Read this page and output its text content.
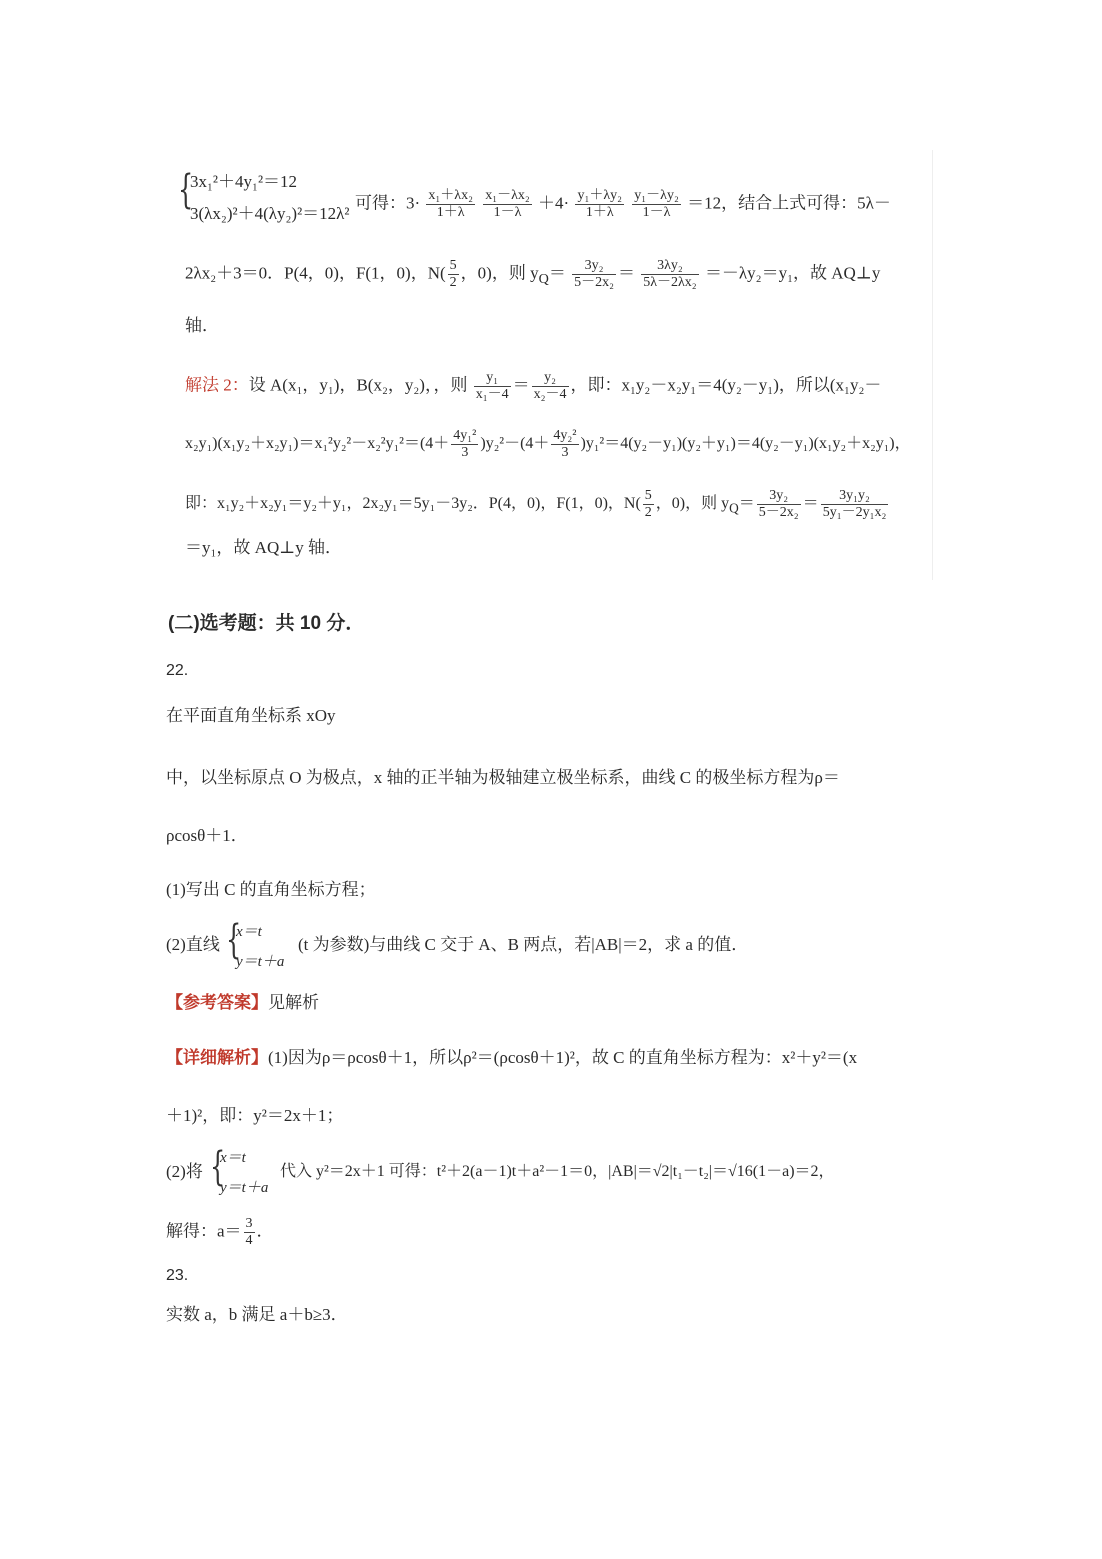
{
3x₁²＋4y₁²＝12
3(λx₂)²＋4(λy₂)²＝12λ²
可得：$3\cdot \frac{\text{x₁＋λx₂}}{1+\lambda}$
$\frac{\text{x₁－λx₂}}{1-\lambda} +4\cdot \frac{\text{y₁＋λy₂}}{1+\lambda}$
$\frac{\text{y₁－λy₂}}{1-\lambda} =12$，结合上式可得：5λ－
2λx₂＋3＝0．P(4，0)，F(1，0)，$N( \frac{5}{2}$ ，0)，则 $y_Q= \frac{\text{3y₂}}{\text{5－2x₂}} = \frac{\text{3λy₂}}{\text{5λ－2λx₂}} =-\lambda y_2=y_1$，故 AQ⊥y
轴．
解法 2：设 A(x₁，y₁)，B(x₂，y₂)，，则 $\frac{\text{y₁}}{\text{x₁－4}} = \frac{\text{y₂}}{\text{x₂－4}}$ ，即：x₁y₂－x₂y₁＝4(y₂－y₁)，所以(x₁y₂－
$x_2y_1)(x_1y_2+x_2y_1)=x_1^2y_2^2-x_2^2y_1^2=(4+ \frac{\text{4y₁²}}{3} )y_2^2-(4+ \frac{\text{4y₂²}}{3} )y_1^2=4(y_2-y_1)(y_2+y_1)=4(y_2-y_1)(x_1y_2+x_2y_1)$，
即：x₁y₂＋x₂y₁＝y₂＋y₁，2x₂y₁＝5y₁－3y₂．P(4，0)，F(1，0)，$N( \frac{5}{2}$ ，0)，则 $y_Q= \frac{\text{3y₂}}{\text{5－2x₂}} = \frac{\text{3y₁y₂}}{\text{5y₁－2y₁x₂}}$
＝y₁，故 AQ⊥y 轴．
(二)选考题：共 10 分．
22.
在平面直角坐标系 xOy
中，以坐标原点 O 为极点，x 轴的正半轴为极轴建立极坐标系，曲线 C 的极坐标方程为ρ＝
ρcosθ＋1．
(1)写出 C 的直角坐标方程；
(2)直线 {
x＝t
y＝t＋a
(t 为参数)与曲线 C 交于 A、B 两点，若|AB|＝2，求 a 的值．
【参考答案】见解析
【详细解析】(1)因为ρ＝ρcosθ＋1，所以ρ²＝(ρcosθ＋1)²，故 C 的直角坐标方程为：x²＋y²＝(x
＋1)²，即：y²＝2x＋1；
(2)将 {
x＝t
y＝t＋a
代入 y²＝2x＋1 可得：t²＋2(a－1)t＋a²－1＝0，|AB|＝√2|t₁－t₂|＝√16(1－a)＝2，
解得：$a= \frac{3}{4}$ ．
23.
实数 a，b 满足 a＋b≥3．
